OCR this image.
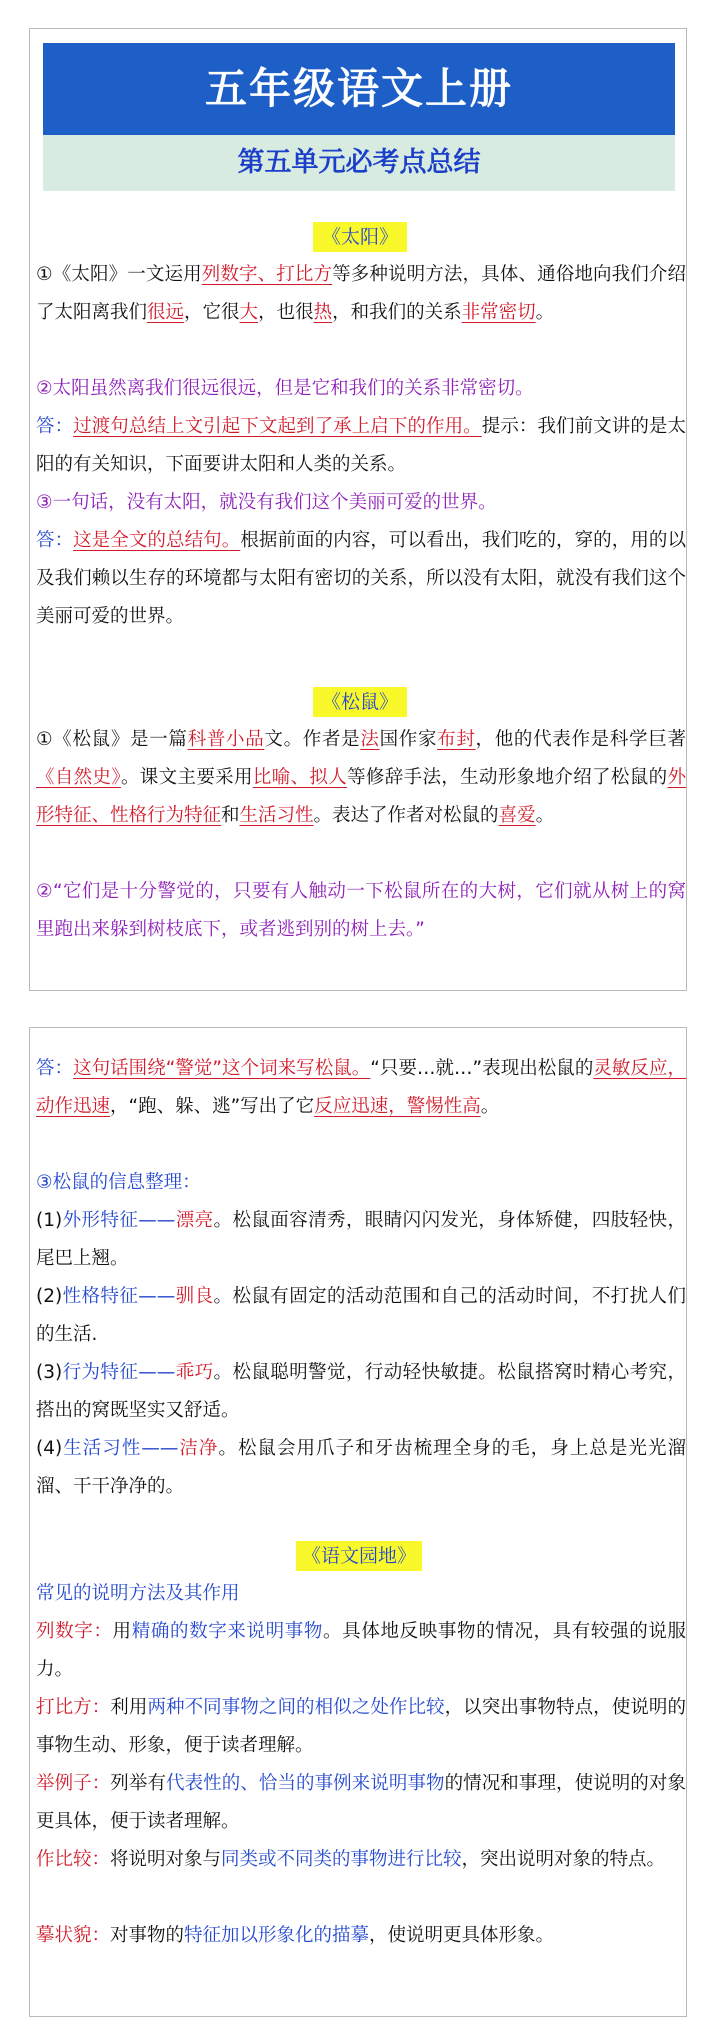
五年级语文上册
第五单元必考点总结
《太阳》

①《太阳》一文运用列数字、打比方等多种说明方法，具体、通俗地向我们介绍了太阳离我们很远，它很大，也很热，和我们的关系非常密切。

②太阳虽然离我们很远很远，但是它和我们的关系非常密切。

答：过渡句总结上文引起下文起到了承上启下的作用。提示：我们前文讲的是太阳的有关知识，下面要讲太阳和人类的关系。

③一句话，没有太阳，就没有我们这个美丽可爱的世界。

答：这是全文的总结句。根据前面的内容，可以看出，我们吃的，穿的，用的以及我们赖以生存的环境都与太阳有密切的关系，所以没有太阳，就没有我们这个美丽可爱的世界。

《松鼠》

①《松鼠》是一篇科普小品文。作者是法国作家布封，他的代表作是科学巨著《自然史》。课文主要采用比喻、拟人等修辞手法，生动形象地介绍了松鼠的外形特征、性格行为特征和生活习性。表达了作者对松鼠的喜爱。

②“它们是十分警觉的，只要有人触动一下松鼠所在的大树，它们就从树上的窝里跑出来躲到树枝底下，或者逃到别的树上去。”

答：这句话围绕“警觉”这个词来写松鼠。“只要…就…”表现出松鼠的灵敏反应，动作迅速，“跑、躲、逃”写出了它反应迅速，警惕性高。

③松鼠的信息整理：

(1)外形特征——漂亮。松鼠面容清秀，眼睛闪闪发光，身体矫健，四肢轻快，尾巴上翘。

(2)性格特征——驯良。松鼠有固定的活动范围和自己的活动时间，不打扰人们的生活.

(3)行为特征——乖巧。松鼠聪明警觉，行动轻快敏捷。松鼠搭窝时精心考究，搭出的窝既坚实又舒适。

(4)生活习性——洁净。松鼠会用爪子和牙齿梳理全身的毛，身上总是光光溜溜、干干净净的。

《语文园地》

常见的说明方法及其作用

列数字：用精确的数字来说明事物。具体地反映事物的情况，具有较强的说服力。

打比方：利用两种不同事物之间的相似之处作比较，以突出事物特点，使说明的事物生动、形象，便于读者理解。

举例子：列举有代表性的、恰当的事例来说明事物的情况和事理，使说明的对象更具体，便于读者理解。

作比较：将说明对象与同类或不同类的事物进行比较，突出说明对象的特点。

摹状貌：对事物的特征加以形象化的描摹，使说明更具体形象。
